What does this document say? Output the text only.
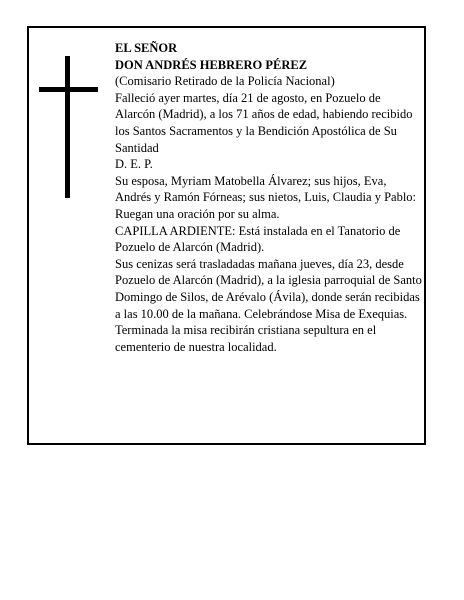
EL SEÑOR

DON ANDRÉS HEBRERO PÉREZ

(Comisario Retirado de la Policía Nacional)

Falleció ayer martes, día 21 de agosto, en Pozuelo de Alarcón (Madrid), a los 71 años de edad, habiendo recibido los Santos Sacramentos y la Bendición Apostólica de Su Santidad

D. E. P.

Su esposa, Myriam Matobella Álvarez; sus hijos, Eva, Andrés y Ramón Fórneas; sus nietos, Luis, Claudia y Pablo:

Ruegan una oración por su alma.

CAPILLA ARDIENTE: Está instalada en el Tanatorio de Pozuelo de Alarcón (Madrid).

Sus cenizas será trasladadas mañana jueves, día 23, desde Pozuelo de Alarcón (Madrid), a la iglesia parroquial de Santo Domingo de Silos, de Arévalo (Ávila), donde serán recibidas a las 10.00 de la mañana. Celebrándose Misa de Exequias. Terminada la misa recibirán cristiana sepultura en el cementerio de nuestra localidad.
